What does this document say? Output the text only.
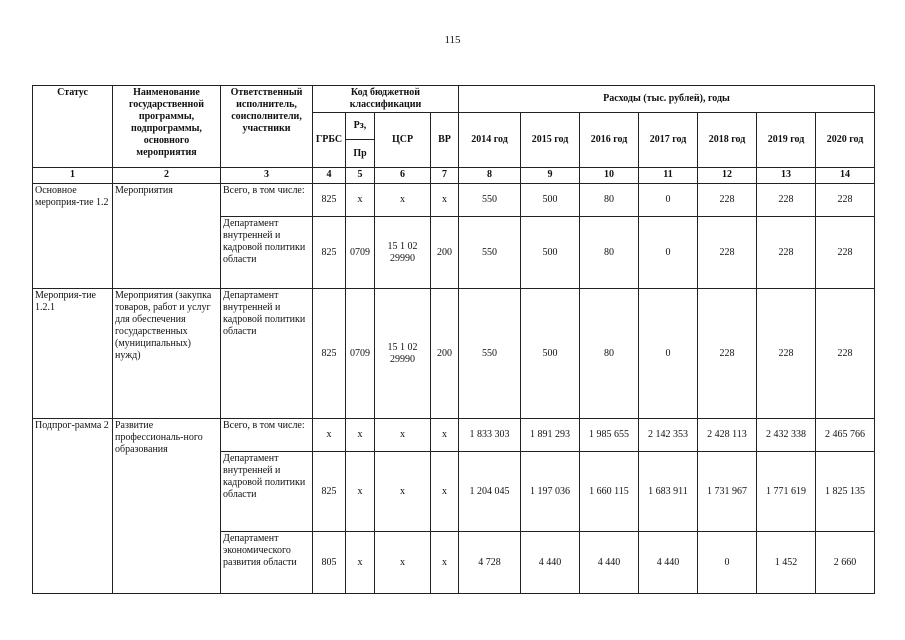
115
Статус	Наименование государственной программы, подпрограммы, основного мероприятия	Ответственный исполнитель, соисполнители, участники	Код бюджетной классификации				Расходы (тыс. рублей), годы						
			ГРБС	Рз,	ЦСР	ВР	2014 год	2015 год	2016 год	2017 год	2018 год	2019 год	2020 год
				Пр									
1	2	3	4	5	6	7	8	9	10	11	12	13	14
Основное мероприя-тие 1.2	Мероприятия	Всего, в том числе:	825	x	x	x	550	500	80	0	228	228	228
		Департамент внутренней и кадровой политики области	825	0709	15 1 02 29990	200	550	500	80	0	228	228	228
Мероприя-тие 1.2.1	Мероприятия (закупка товаров, работ и услуг для обеспечения государственных (муниципальных) нужд)	Департамент внутренней и кадровой политики области	825	0709	15 1 02 29990	200	550	500	80	0	228	228	228
Подпрог-рамма 2	Развитие профессиональ-ного образования	Всего, в том числе:	x	x	x	x	1 833 303	1 891 293	1 985 655	2 142 353	2 428 113	2 432 338	2 465 766
		Департамент внутренней и кадровой политики области	825	x	x	x	1 204 045	1 197 036	1 660 115	1 683 911	1 731 967	1 771 619	1 825 135
		Департамент экономического развития области	805	x	x	x	4 728	4 440	4 440	4 440	0	1 452	2 660
